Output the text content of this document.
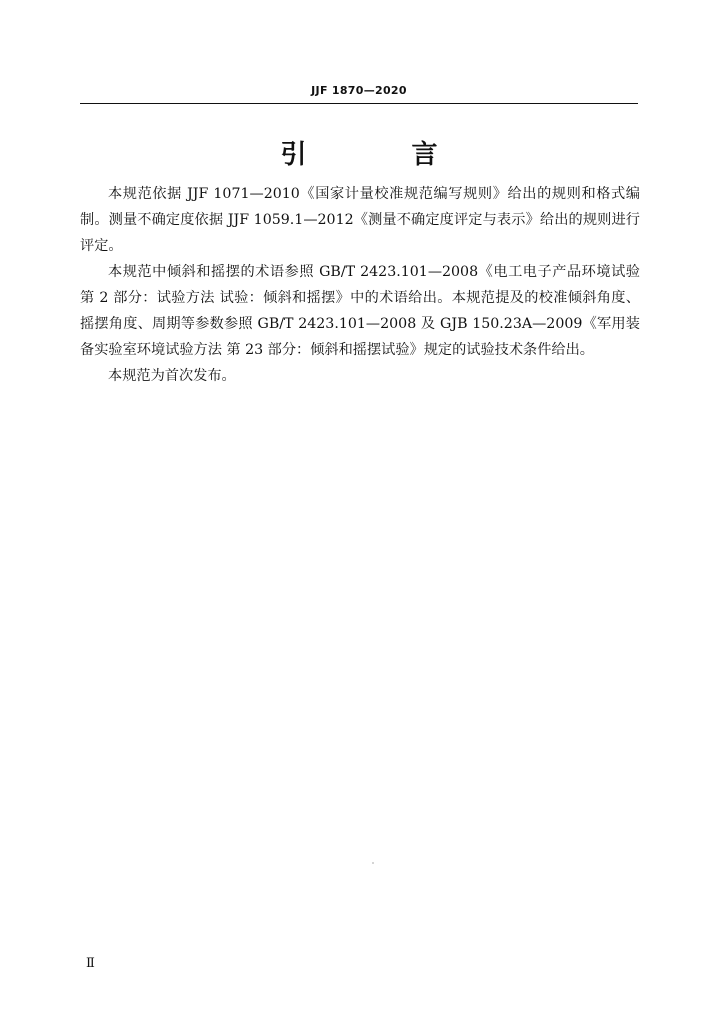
JJF 1870—2020
引 言

本规范依据 JJF 1071—2010《国家计量校准规范编写规则》给出的规则和格式编制。测量不确定度依据 JJF 1059.1—2012《测量不确定度评定与表示》给出的规则进行评定。

本规范中倾斜和摇摆的术语参照 GB/T 2423.101—2008《电工电子产品环境试验 第 2 部分：试验方法 试验：倾斜和摇摆》中的术语给出。本规范提及的校准倾斜角度、摇摆角度、周期等参数参照 GB/T 2423.101—2008 及 GJB 150.23A—2009《军用装备实验室环境试验方法 第 23 部分：倾斜和摇摆试验》规定的试验技术条件给出。

本规范为首次发布。

Ⅱ
